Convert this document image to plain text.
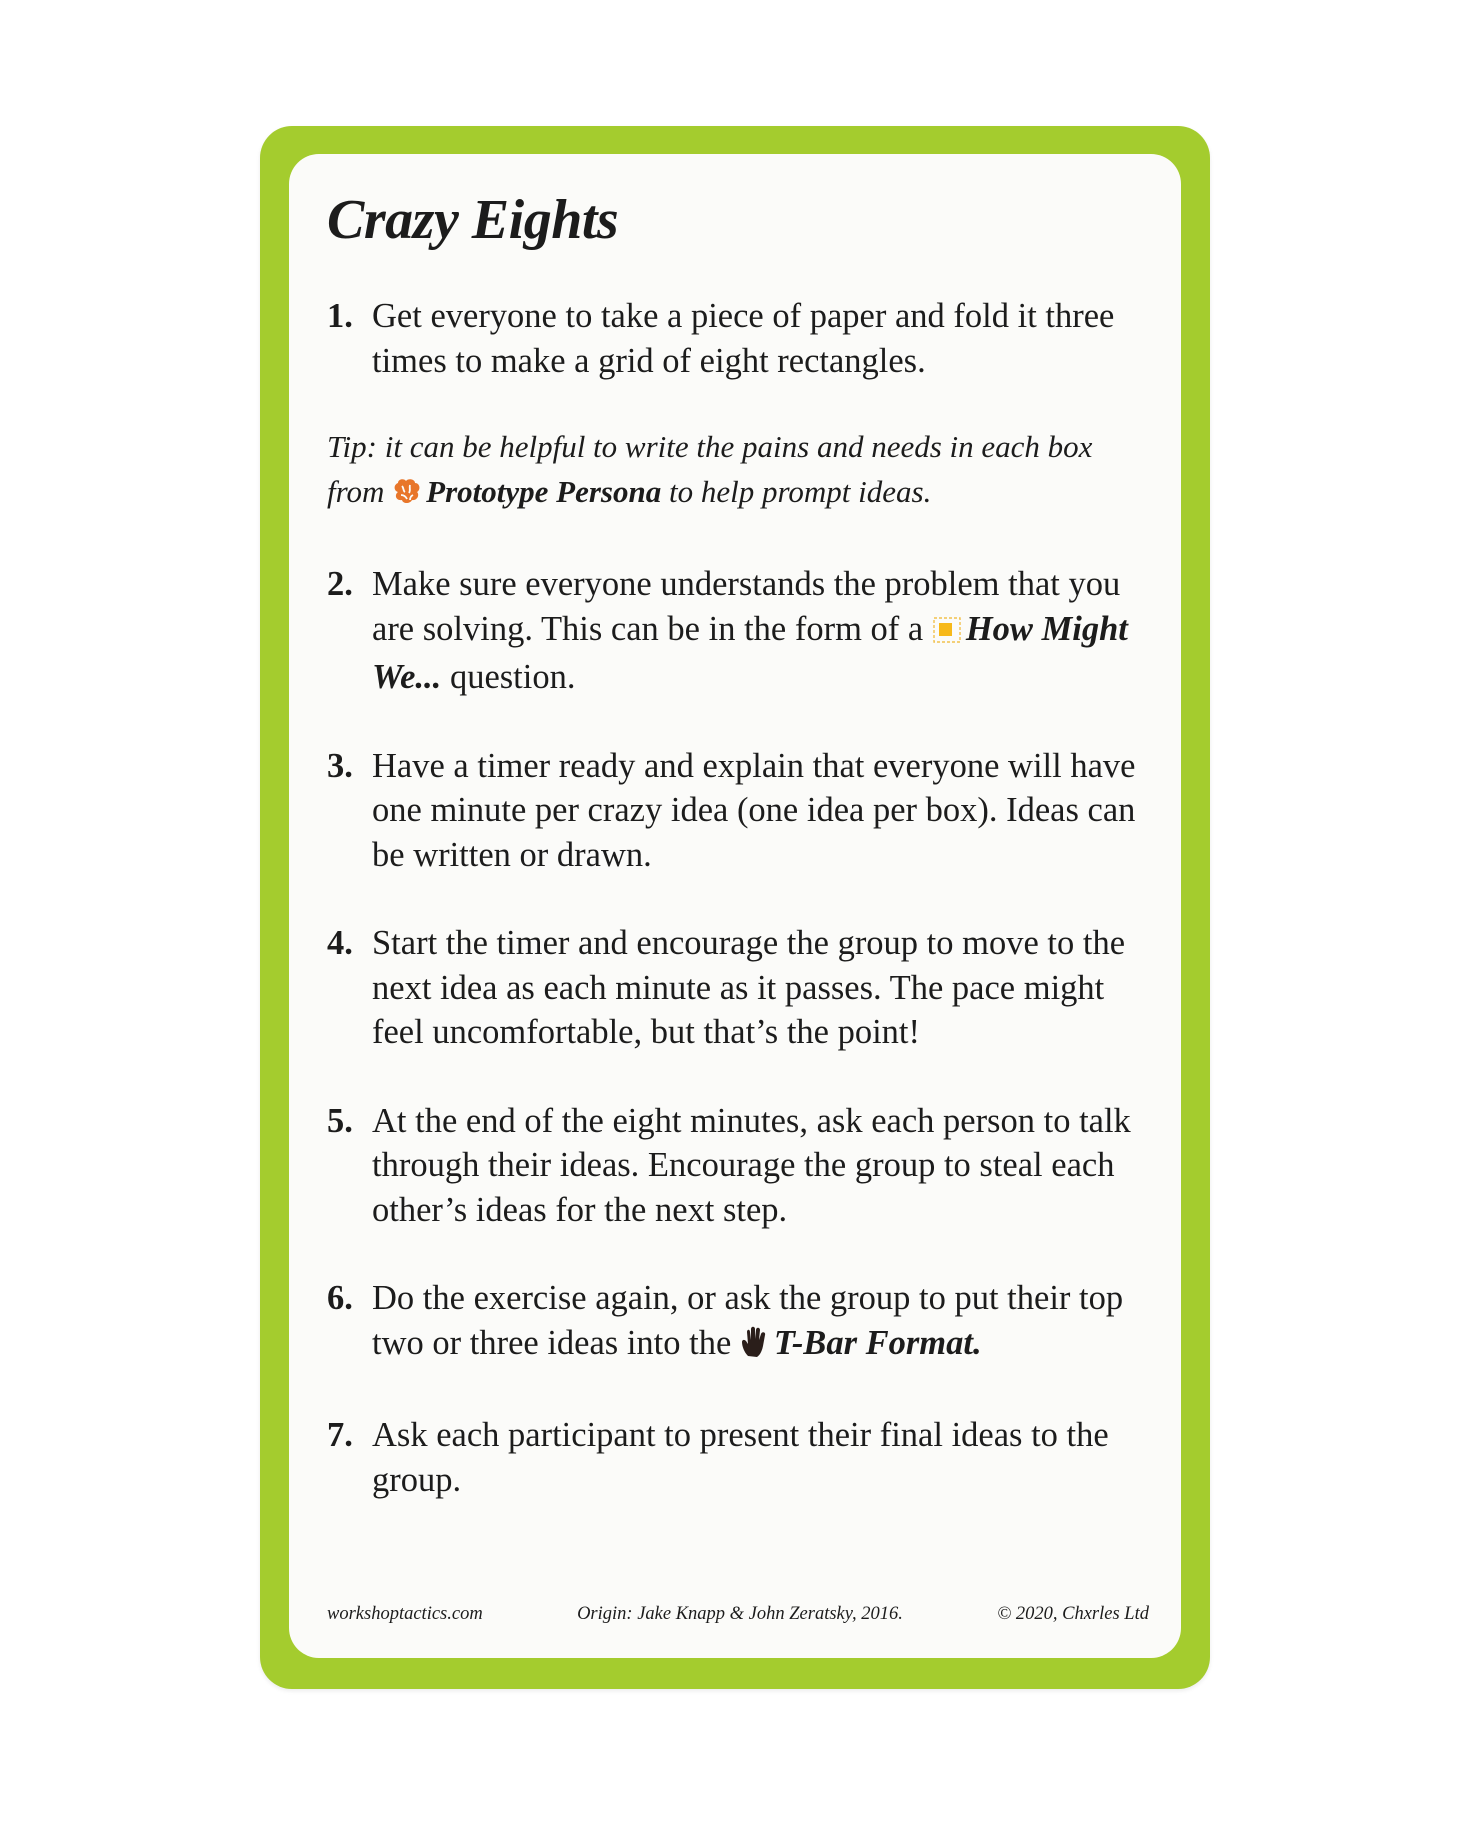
Crazy Eights
1. Get everyone to take a piece of paper and fold it three times to make a grid of eight rectangles.
Tip: it can be helpful to write the pains and needs in each box from Prototype Persona to help prompt ideas.
2. Make sure everyone understands the problem that you are solving. This can be in the form of a How Might We... question.
3. Have a timer ready and explain that everyone will have one minute per crazy idea (one idea per box). Ideas can be written or drawn.
4. Start the timer and encourage the group to move to the next idea as each minute as it passes. The pace might feel uncomfortable, but that’s the point!
5. At the end of the eight minutes, ask each person to talk through their ideas. Encourage the group to steal each other’s ideas for the next step.
6. Do the exercise again, or ask the group to put their top two or three ideas into the T-Bar Format.
7. Ask each participant to present their final ideas to the group.
workshoptactics.com	Origin: Jake Knapp & John Zeratsky, 2016.	© 2020, Chxrles Ltd
